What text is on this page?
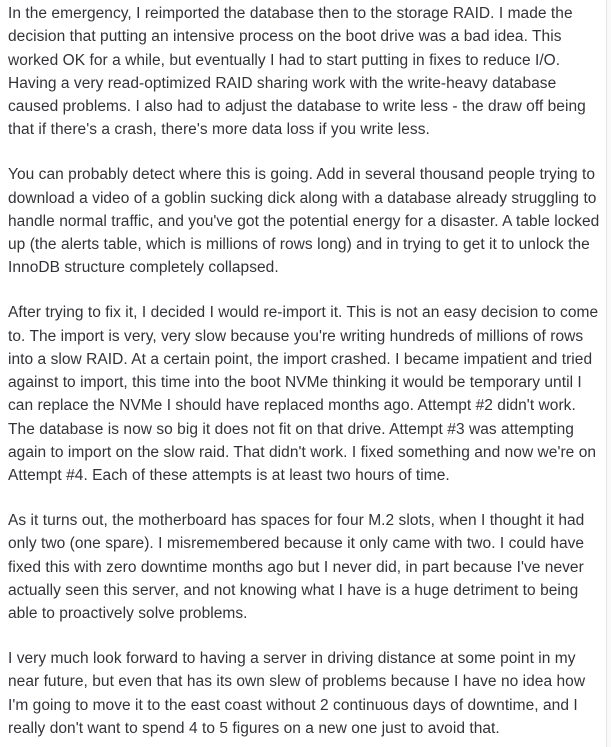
In the emergency, I reimported the database then to the storage RAID. I made the decision that putting an intensive process on the boot drive was a bad idea. This worked OK for a while, but eventually I had to start putting in fixes to reduce I/O. Having a very read-optimized RAID sharing work with the write-heavy database caused problems. I also had to adjust the database to write less - the draw off being that if there's a crash, there's more data loss if you write less.

You can probably detect where this is going. Add in several thousand people trying to download a video of a goblin sucking dick along with a database already struggling to handle normal traffic, and you've got the potential energy for a disaster. A table locked up (the alerts table, which is millions of rows long) and in trying to get it to unlock the InnoDB structure completely collapsed.

After trying to fix it, I decided I would re-import it. This is not an easy decision to come to. The import is very, very slow because you're writing hundreds of millions of rows into a slow RAID. At a certain point, the import crashed. I became impatient and tried against to import, this time into the boot NVMe thinking it would be temporary until I can replace the NVMe I should have replaced months ago. Attempt #2 didn't work. The database is now so big it does not fit on that drive. Attempt #3 was attempting again to import on the slow raid. That didn't work. I fixed something and now we're on Attempt #4. Each of these attempts is at least two hours of time.

As it turns out, the motherboard has spaces for four M.2 slots, when I thought it had only two (one spare). I misremembered because it only came with two. I could have fixed this with zero downtime months ago but I never did, in part because I've never actually seen this server, and not knowing what I have is a huge detriment to being able to proactively solve problems.

I very much look forward to having a server in driving distance at some point in my near future, but even that has its own slew of problems because I have no idea how I'm going to move it to the east coast without 2 continuous days of downtime, and I really don't want to spend 4 to 5 figures on a new one just to avoid that.
